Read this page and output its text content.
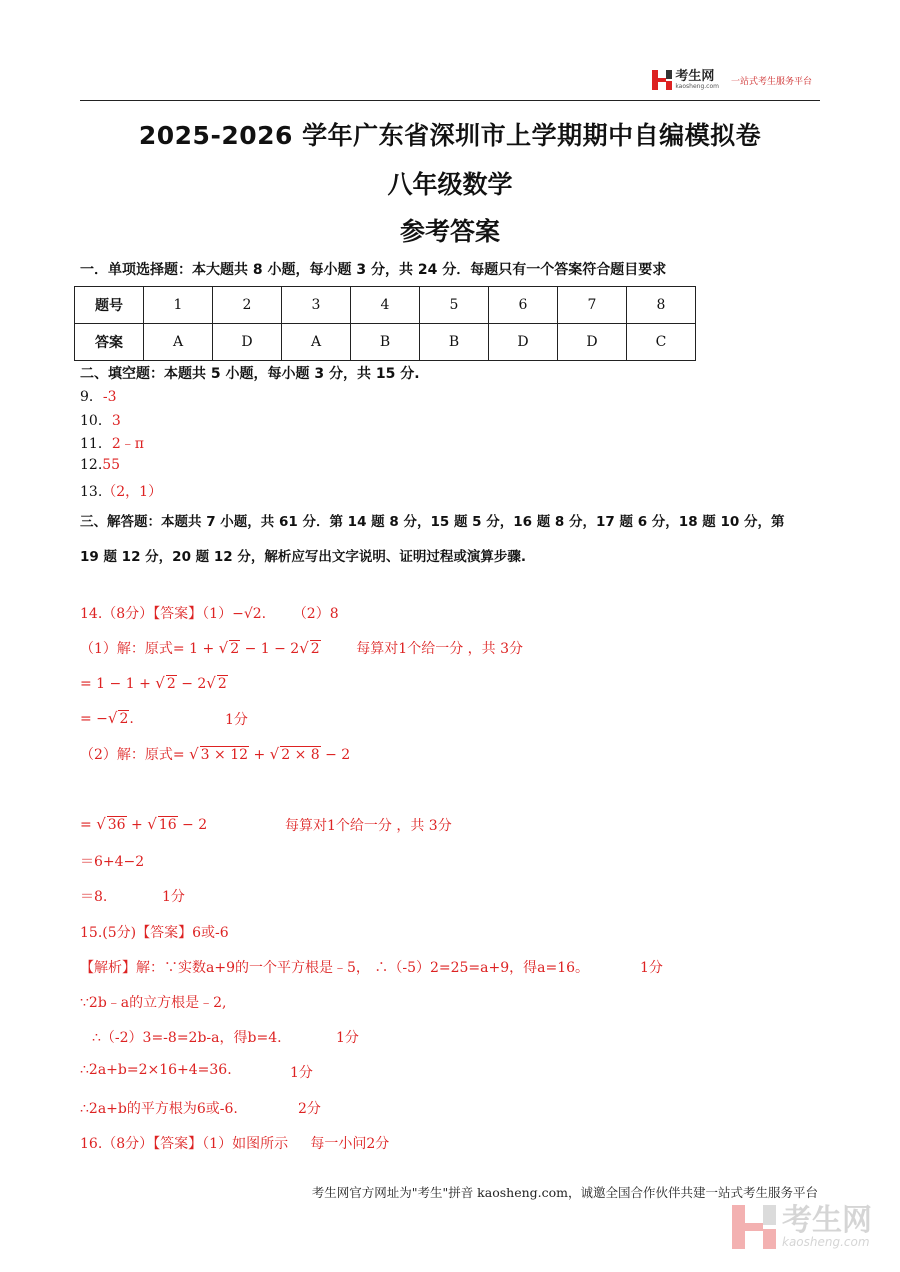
考生网
kaosheng.com 一站式考生服务平台
2025-2026 学年广东省深圳市上学期期中自编模拟卷
八年级数学
参考答案
一．单项选择题：本大题共 8 小题，每小题 3 分，共 24 分．每题只有一个答案符合题目要求
题号	1	2	3	4	5	6	7	8
答案	A	D	A	B	B	D	D	C
二、填空题：本题共 5 小题，每小题 3 分，共 15 分.
9．-3
10．3
11．2﹣π
12.55
13.（2，1）
三、解答题：本题共 7 小题，共 61 分．第 14 题 8 分，15 题 5 分，16 题 8 分，17 题 6 分，18 题 10 分，第
19 题 12 分，20 题 12 分，解析应写出文字说明、证明过程或演算步骤.
14.（8分）【答案】（1）−√2. （2）8
（1）解：原式= 1 + √ 2 − 1 − 2√ 2	每算对1个给一分 ，共 3分
= 1 − 1 + √ 2 − 2√ 2
= −√ 2.	1分
（2）解：原式= √ 3 × 12 + √ 2 × 8 − 2
= √ 36 + √ 16 − 2	每算对1个给一分 ，共 3分
＝6+4−2
＝8.	1分
15.(5分)【答案】6或-6
【解析】解：∵实数a+9的一个平方根是﹣5， ∴（-5）2=25=a+9，得a=16。	1分
∵2b﹣a的立方根是﹣2,
∴（-2）3=-8=2b-a，得b=4.	1分
∴2a+b=2×16+4=36.	1分
∴2a+b的平方根为6或-6.	2分
16.（8分）【答案】（1）如图所示 每一小问2分
考生网官方网址为"考生"拼音 kaosheng.com，诚邀全国合作伙伴共建一站式考生服务平台
考生网
kaosheng.com
